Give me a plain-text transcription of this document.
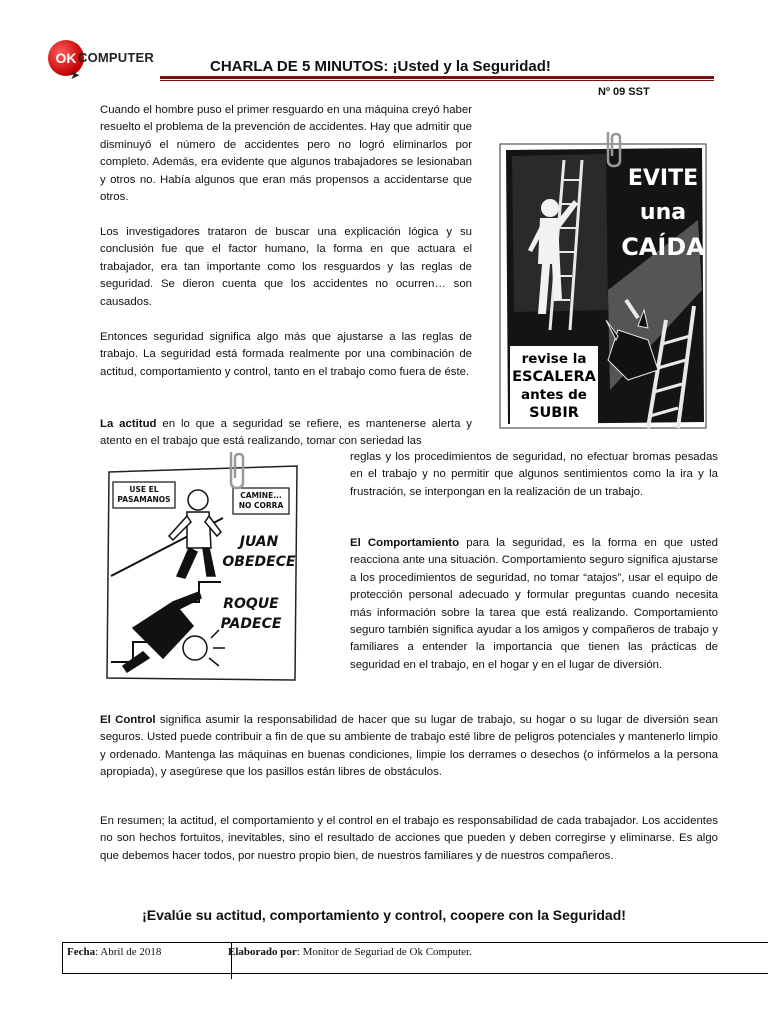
OK COMPUTER
➤	CHARLA DE 5 MINUTOS: ¡Usted y la Seguridad!
Nº 09 SST
Cuando el hombre puso el primer resguardo en una máquina creyó haber resuelto el problema de la prevención de accidentes. Hay que admitir que disminuyó el número de accidentes pero no logró eliminarlos por completo. Además, era evidente que algunos trabajadores se lesionaban y otros no. Había algunos que eran más propensos a accidentarse que otros.
Los investigadores trataron de buscar una explicación lógica y su conclusión fue que el factor humano, la forma en que actuara el trabajador, era tan importante como los resguardos y las reglas de seguridad. Se dieron cuenta que los accidentes no ocurren… son causados.
Entonces seguridad significa algo más que ajustarse a las reglas de trabajo. La seguridad está formada realmente por una combinación de actitud, comportamiento y control, tanto en el trabajo como fuera de éste.
La actitud en lo que a seguridad se refiere, es mantenerse alerta y atento en el trabajo que está realizando, tomar con seriedad las
reglas y los procedimientos de seguridad, no efectuar bromas pesadas en el trabajo y no permitir que algunos sentimientos como la ira y la frustración, se interpongan en la realización de un trabajo.
El Comportamiento para la seguridad, es la forma en que usted reacciona ante una situación. Comportamiento seguro significa ajustarse a los procedimientos de seguridad, no tomar “atajos”, usar el equipo de protección personal adecuado y formular preguntas cuando necesita más información sobre la tarea que está realizando. Comportamiento seguro también significa ayudar a los amigos y compañeros de trabajo y familiares a entender la importancia que tienen las prácticas de seguridad en el trabajo, en el hogar y en el lugar de diversión.
El Control significa asumir la responsabilidad de hacer que su lugar de trabajo, su hogar o su lugar de diversión sean seguros. Usted puede contribuir a fin de que su ambiente de trabajo esté libre de peligros potenciales y mantenerlo limpio y ordenado. Mantenga las máquinas en buenas condiciones, limpie los derrames o desechos (o infórmelos a la persona apropiada), y asegúrese que los pasillos están libres de obstáculos.
En resumen; la actitud, el comportamiento y el control en el trabajo es responsabilidad de cada trabajador. Los accidentes no son hechos fortuitos, inevitables, sino el resultado de acciones que pueden y deben corregirse y eliminarse. Es algo que debemos hacer todos, por nuestro propio bien, de nuestros familiares y de nuestros compañeros.
¡Evalúe su actitud, comportamiento y control, coopere con la Seguridad!
EVITE
una
CAÍDA
revise la
ESCALERA
antes de
SUBIR
USE EL
PASAMANOS	CAMINE...
NO CORRA
JUAN
OBEDECE
ROQUE
PADECE
Fecha: Abril de 2018	Elaborado por: Monitor de Seguriad de Ok Computer.
